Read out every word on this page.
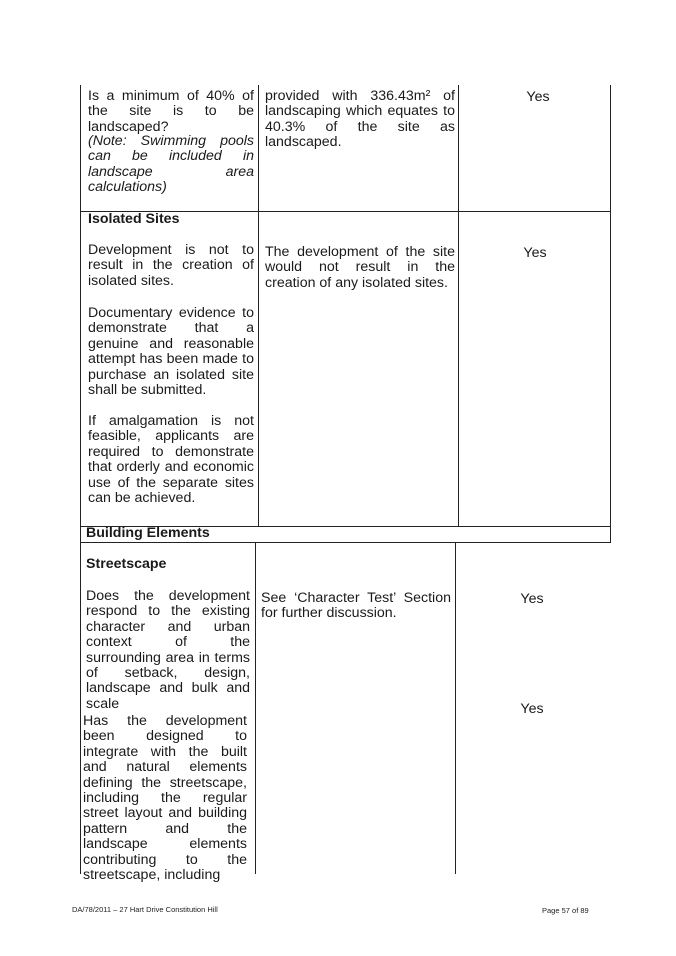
Is a minimum of 40% of the site is to be landscaped?
(Note: Swimming pools can be included in landscape area calculations)
provided with 336.43m² of landscaping which equates to 40.3% of the site as landscaped.
Yes
Isolated Sites
Development is not to result in the creation of isolated sites.
Documentary evidence to demonstrate that a genuine and reasonable attempt has been made to purchase an isolated site shall be submitted.
If amalgamation is not feasible, applicants are required to demonstrate that orderly and economic use of the separate sites can be achieved.
The development of the site would not result in the creation of any isolated sites.
Yes
Building Elements
Streetscape
Does the development respond to the existing character and urban context of the surrounding area in terms of setback, design, landscape and bulk and scale
Has the development been designed to integrate with the built and natural elements defining the streetscape, including the regular street layout and building pattern and the landscape elements contributing to the streetscape, including
See ‘Character Test’ Section for further discussion.
Yes
Yes
DA/78/2011 – 27 Hart Drive Constitution Hill	Page 57 of 89
